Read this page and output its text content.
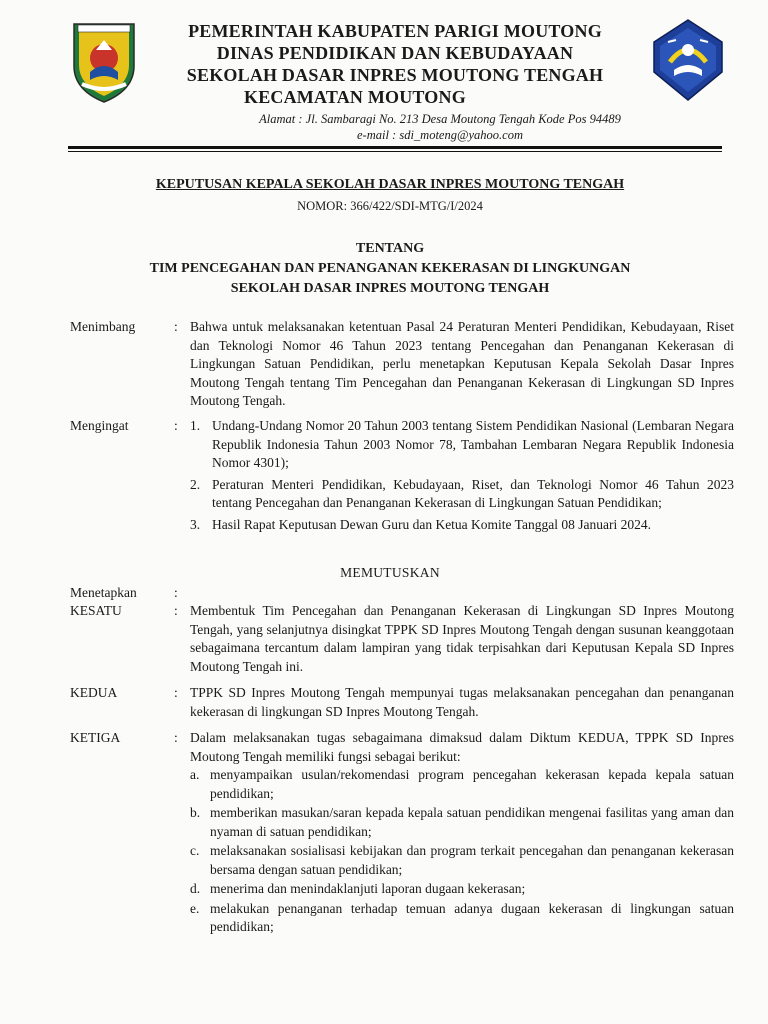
PEMERINTAH KABUPATEN PARIGI MOUTONG
DINAS PENDIDIKAN DAN KEBUDAYAAN
SEKOLAH DASAR INPRES MOUTONG TENGAH
KECAMATAN MOUTONG
Alamat : Jl. Sambaragi No. 213 Desa Moutong Tengah Kode Pos 94489
e-mail : sdi_moteng@yahoo.com
KEPUTUSAN KEPALA SEKOLAH DASAR INPRES MOUTONG TENGAH
NOMOR: 366/422/SDI-MTG/I/2024
TENTANG
TIM PENCEGAHAN DAN PENANGANAN KEKERASAN DI LINGKUNGAN
SEKOLAH DASAR INPRES MOUTONG TENGAH
Menimbang	: Bahwa untuk melaksanakan ketentuan Pasal 24 Peraturan Menteri Pendidikan, Kebudayaan, Riset dan Teknologi Nomor 46 Tahun 2023 tentang Pencegahan dan Penanganan Kekerasan di Lingkungan Satuan Pendidikan, perlu menetapkan Keputusan Kepala Sekolah Dasar Inpres Moutong Tengah tentang Tim Pencegahan dan Penanganan Kekerasan di Lingkungan SD Inpres Moutong Tengah.

Mengingat	: 1. Undang-Undang Nomor 20 Tahun 2003 tentang Sistem Pendidikan Nasional (Lembaran Negara Republik Indonesia Tahun 2003 Nomor 78, Tambahan Lembaran Negara Republik Indonesia Nomor 4301);
2. Peraturan Menteri Pendidikan, Kebudayaan, Riset, dan Teknologi Nomor 46 Tahun 2023 tentang Pencegahan dan Penanganan Kekerasan di Lingkungan Satuan Pendidikan;
3. Hasil Rapat Keputusan Dewan Guru dan Ketua Komite Tanggal 08 Januari 2024.
MEMUTUSKAN
Menetapkan	:
KESATU	: Membentuk Tim Pencegahan dan Penanganan Kekerasan di Lingkungan SD Inpres Moutong Tengah, yang selanjutnya disingkat TPPK SD Inpres Moutong Tengah dengan susunan keanggotaan sebagaimana tercantum dalam lampiran yang tidak terpisahkan dari Keputusan Kepala SD Inpres Moutong Tengah ini.

KEDUA	: TPPK SD Inpres Moutong Tengah mempunyai tugas melaksanakan pencegahan dan penanganan kekerasan di lingkungan SD Inpres Moutong Tengah.

KETIGA	: Dalam melaksanakan tugas sebagaimana dimaksud dalam Diktum KEDUA, TPPK SD Inpres Moutong Tengah memiliki fungsi sebagai berikut:

a. menyampaikan usulan/rekomendasi program pencegahan kekerasan kepada kepala satuan pendidikan;
b. memberikan masukan/saran kepada kepala satuan pendidikan mengenai fasilitas yang aman dan nyaman di satuan pendidikan;
c. melaksanakan sosialisasi kebijakan dan program terkait pencegahan dan penanganan kekerasan bersama dengan satuan pendidikan;
d. menerima dan menindaklanjuti laporan dugaan kekerasan;
e. melakukan penanganan terhadap temuan adanya dugaan kekerasan di lingkungan satuan pendidikan;
